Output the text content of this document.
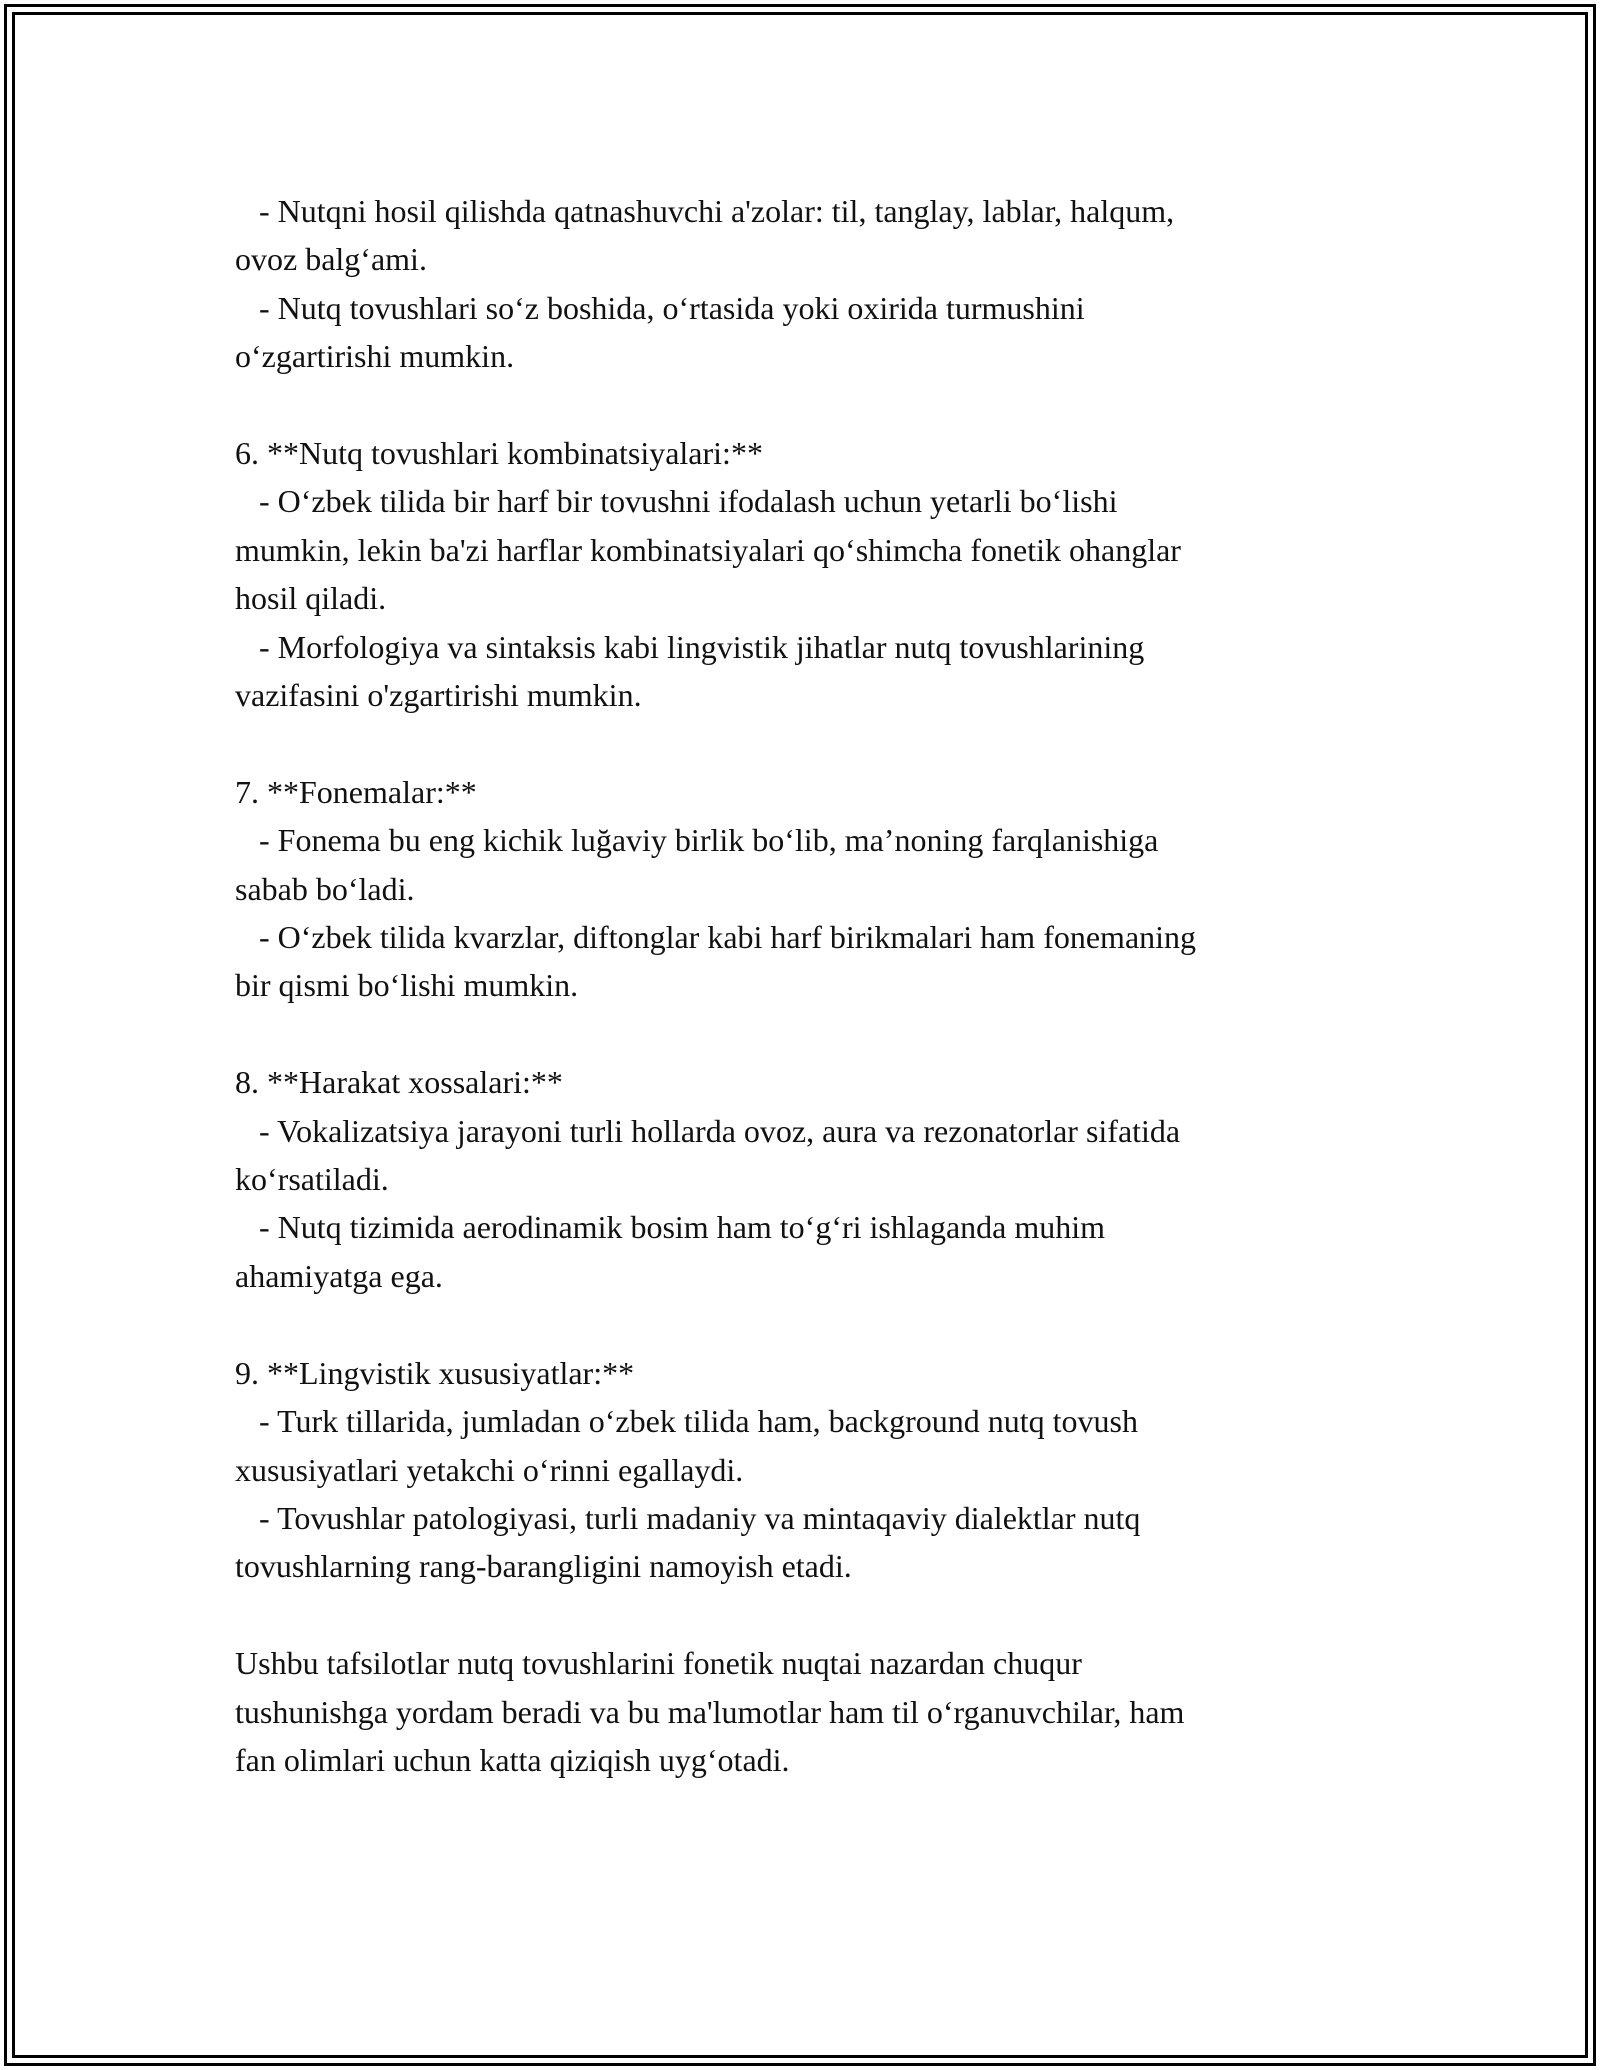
- Nutqni hosil qilishda qatnashuvchi a'zolar: til, tanglay, lablar, halqum,
ovoz balg‘ami.
- Nutq tovushlari so‘z boshida, o‘rtasida yoki oxirida turmushini
o‘zgartirishi mumkin.
6. **Nutq tovushlari kombinatsiyalari:**
- O‘zbek tilida bir harf bir tovushni ifodalash uchun yetarli bo‘lishi
mumkin, lekin ba'zi harflar kombinatsiyalari qo‘shimcha fonetik ohanglar
hosil qiladi.
- Morfologiya va sintaksis kabi lingvistik jihatlar nutq tovushlarining
vazifasini o'zgartirishi mumkin.
7. **Fonemalar:**
- Fonema bu eng kichik luğaviy birlik bo‘lib, ma’noning farqlanishiga
sabab bo‘ladi.
- O‘zbek tilida kvarzlar, diftonglar kabi harf birikmalari ham fonemaning
bir qismi bo‘lishi mumkin.
8. **Harakat xossalari:**
- Vokalizatsiya jarayoni turli hollarda ovoz, aura va rezonatorlar sifatida
ko‘rsatiladi.
- Nutq tizimida aerodinamik bosim ham to‘g‘ri ishlaganda muhim
ahamiyatga ega.
9. **Lingvistik xususiyatlar:**
- Turk tillarida, jumladan o‘zbek tilida ham, background nutq tovush
xususiyatlari yetakchi o‘rinni egallaydi.
- Tovushlar patologiyasi, turli madaniy va mintaqaviy dialektlar nutq
tovushlarning rang-barangligini namoyish etadi.
Ushbu tafsilotlar nutq tovushlarini fonetik nuqtai nazardan chuqur
tushunishga yordam beradi va bu ma'lumotlar ham til o‘rganuvchilar, ham
fan olimlari uchun katta qiziqish uyg‘otadi.
